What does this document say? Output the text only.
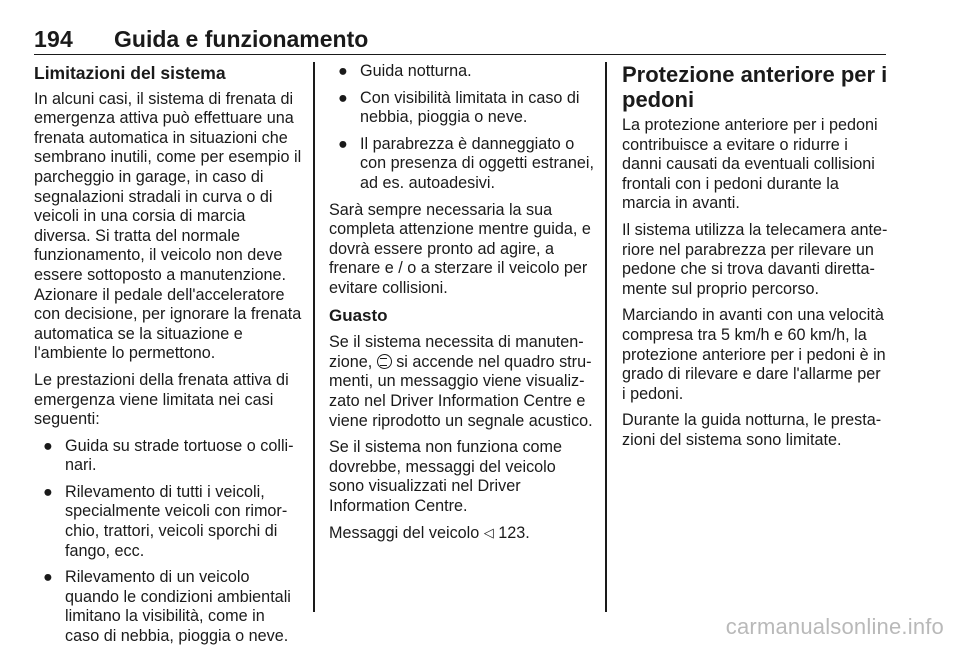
194 Guida e funzionamento
Limitazioni del sistema

In alcuni casi, il sistema di frenata di emergenza attiva può effettuare una frenata automatica in situazioni che sembrano inutili, come per esempio il parcheggio in garage, in caso di segnalazioni stradali in curva o di veicoli in una corsia di marcia diversa. Si tratta del normale funzionamento, il veicolo non deve essere sottoposto a manutenzione. Azionare il pedale dell'acceleratore con decisione, per ignorare la frenata automatica se la situazione e l'ambiente lo permettono.

Le prestazioni della frenata attiva di emergenza viene limitata nei casi seguenti:

● Guida su strade tortuose o collinari.
● Rilevamento di tutti i veicoli, specialmente veicoli con rimorchio, trattori, veicoli sporchi di fango, ecc.
● Rilevamento di un veicolo quando le condizioni ambientali limitano la visibilità, come in caso di nebbia, pioggia o neve.
● Guida notturna.
● Con visibilità limitata in caso di nebbia, pioggia o neve.
● Il parabrezza è danneggiato o con presenza di oggetti estranei, ad es. autoadesivi.

Sarà sempre necessaria la sua completa attenzione mentre guida, e dovrà essere pronto ad agire, a frenare e / o a sterzare il veicolo per evitare collisioni.

Guasto

Se il sistema necessita di manutenzione,  si accende nel quadro strumenti, un messaggio viene visualizzato nel Driver Information Centre e viene riprodotto un segnale acustico.

Se il sistema non funziona come dovrebbe, messaggi del veicolo sono visualizzati nel Driver Information Centre.

Messaggi del veicolo ◁ 123.

Protezione anteriore per i pedoni

La protezione anteriore per i pedoni contribuisce a evitare o ridurre i danni causati da eventuali collisioni frontali con i pedoni durante la marcia in avanti.

Il sistema utilizza la telecamera anteriore nel parabrezza per rilevare un pedone che si trova davanti direttamente sul proprio percorso.

Marciando in avanti con una velocità compresa tra 5 km/h e 60 km/h, la protezione anteriore per i pedoni è in grado di rilevare e dare l'allarme per i pedoni.

Durante la guida notturna, le prestazioni del sistema sono limitate.

carmanualsonline.info
